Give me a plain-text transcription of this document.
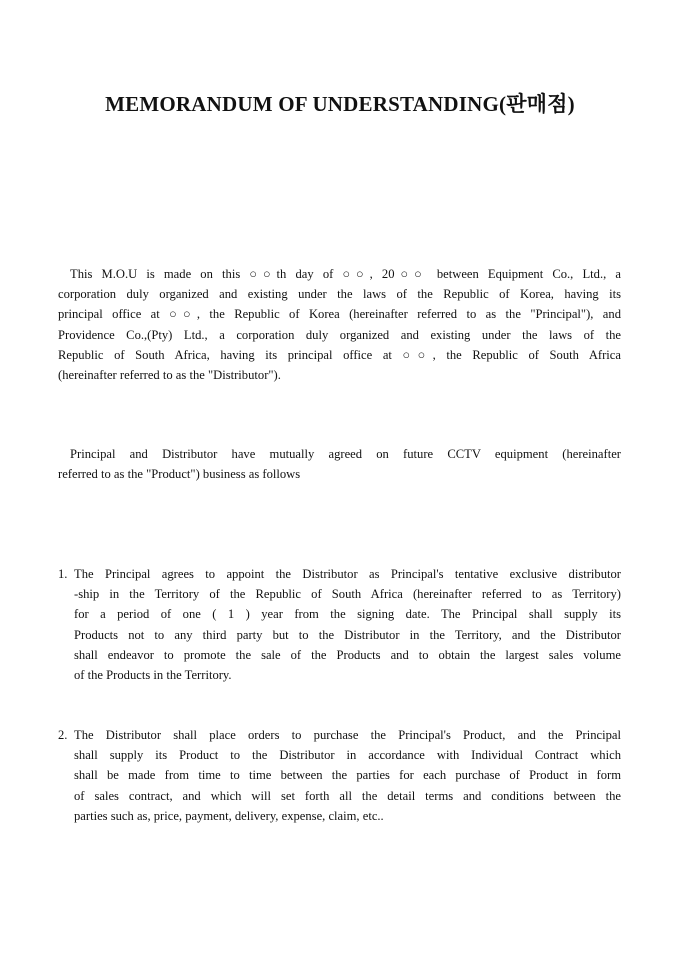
MEMORANDUM OF UNDERSTANDING(판매점)
This M.O.U is made on this ○○th day of ○○, 20○○ between Equipment Co., Ltd., a
corporation duly organized and existing under the laws of the Republic of Korea, having its
principal office at ○○, the Republic of Korea (hereinafter referred to as the "Principal"), and
Providence Co.,(Pty) Ltd., a corporation duly organized and existing under the laws of the
Republic of South Africa, having its principal office at ○○, the Republic of South Africa
(hereinafter referred to as the "Distributor").
Principal and Distributor have mutually agreed on future CCTV equipment (hereinafter
referred to as the "Product") business as follows
1. The Principal agrees to appoint the Distributor as Principal's tentative exclusive distributor
-ship in the Territory of the Republic of South Africa (hereinafter referred to as Territory)
for a period of one ( 1 ) year from the signing date. The Principal shall supply its
Products not to any third party but to the Distributor in the Territory, and the Distributor
shall endeavor to promote the sale of the Products and to obtain the largest sales volume
of the Products in the Territory.
2. The Distributor shall place orders to purchase the Principal's Product, and the Principal
shall supply its Product to the Distributor in accordance with Individual Contract which
shall be made from time to time between the parties for each purchase of Product in form
of sales contract, and which will set forth all the detail terms and conditions between the
parties such as, price, payment, delivery, expense, claim, etc..
